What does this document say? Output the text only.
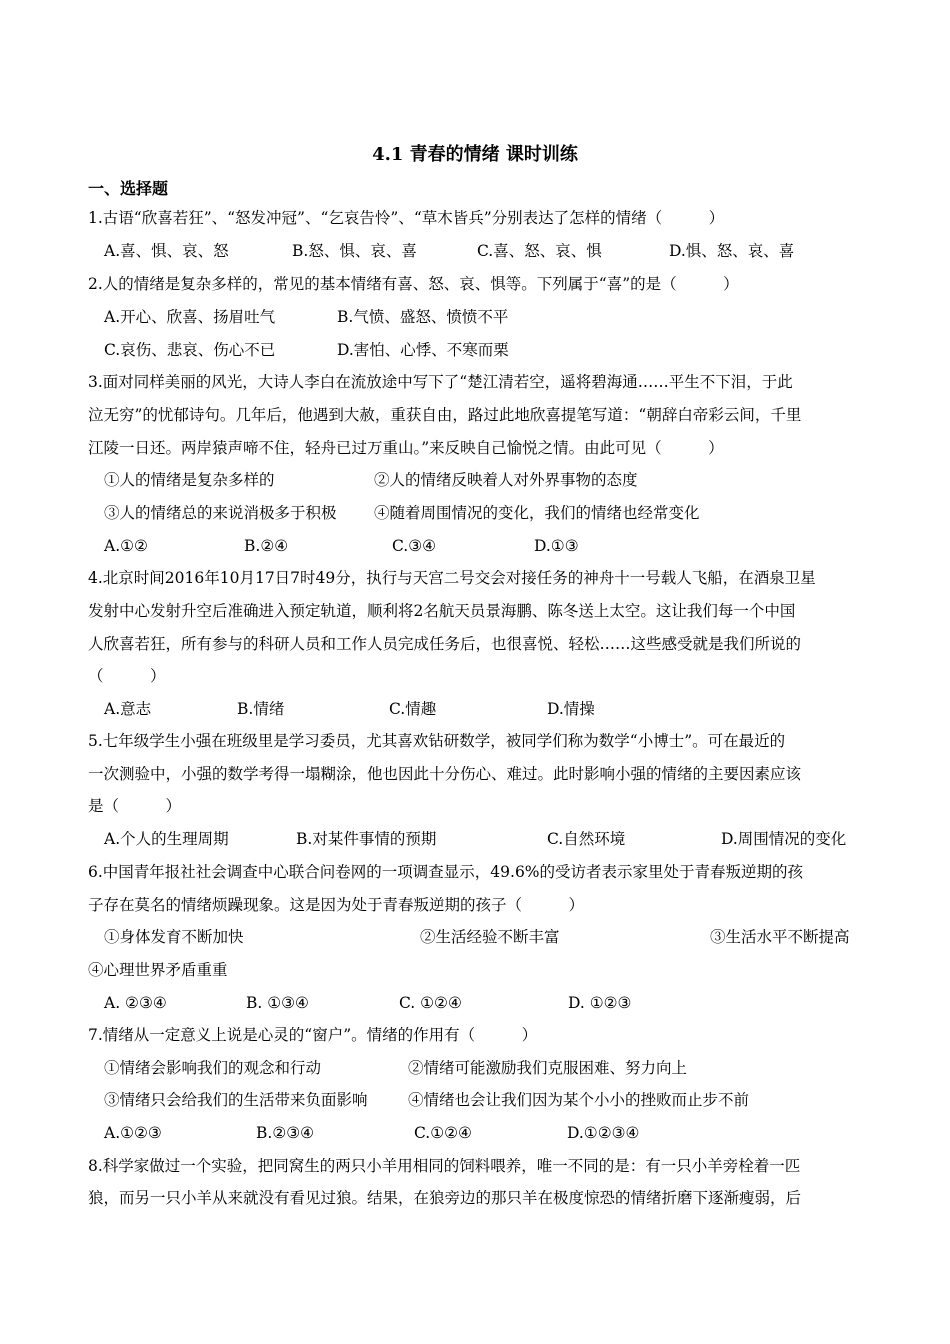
4.1 青春的情绪 课时训练
一、选择题
1.古语“欣喜若狂”、“怒发冲冠”、“乞哀告怜”、“草木皆兵”分别表达了怎样的情绪（　　　）
A.喜、惧、哀、怒	B.怒、惧、哀、喜	C.喜、怒、哀、惧	D.惧、怒、哀、喜
2.人的情绪是复杂多样的，常见的基本情绪有喜、怒、哀、惧等。下列属于“喜”的是（　　　）
A.开心、欣喜、扬眉吐气	B.气愤、盛怒、愤愤不平
C.哀伤、悲哀、伤心不已	D.害怕、心悸、不寒而栗
3.面对同样美丽的风光，大诗人李白在流放途中写下了“楚江清若空，遥将碧海通……平生不下泪，于此
泣无穷”的忧郁诗句。几年后，他遇到大赦，重获自由，路过此地欣喜提笔写道：“朝辞白帝彩云间，千里
江陵一日还。两岸猿声啼不住，轻舟已过万重山。”来反映自己愉悦之情。由此可见（　　　）
①人的情绪是复杂多样的	②人的情绪反映着人对外界事物的态度
③人的情绪总的来说消极多于积极 ④随着周围情况的变化，我们的情绪也经常变化
A.①②	B.②④	C.③④	D.①③
4.北京时间2016年10月17日7时49分，执行与天宫二号交会对接任务的神舟十一号载人飞船，在酒泉卫星
发射中心发射升空后准确进入预定轨道，顺利将2名航天员景海鹏、陈冬送上太空。这让我们每一个中国
人欣喜若狂，所有参与的科研人员和工作人员完成任务后，也很喜悦、轻松……这些感受就是我们所说的
（　　　）
A.意志	B.情绪	C.情趣	D.情操
5.七年级学生小强在班级里是学习委员，尤其喜欢钻研数学，被同学们称为数学“小博士”。可在最近的
一次测验中，小强的数学考得一塌糊涂，他也因此十分伤心、难过。此时影响小强的情绪的主要因素应该
是（　　　）
A.个人的生理周期	B.对某件事情的预期	C.自然环境	D.周围情况的变化
6.中国青年报社社会调查中心联合问卷网的一项调查显示，49.6%的受访者表示家里处于青春叛逆期的孩
子存在莫名的情绪烦躁现象。这是因为处于青春叛逆期的孩子（　　　）
①身体发育不断加快	②生活经验不断丰富	③生活水平不断提高
④心理世界矛盾重重
A. ②③④	B. ①③④	C. ①②④	D. ①②③
7.情绪从一定意义上说是心灵的“窗户”。情绪的作用有（　　　）
①情绪会影响我们的观念和行动	②情绪可能激励我们克服困难、努力向上
③情绪只会给我们的生活带来负面影响	④情绪也会让我们因为某个小小的挫败而止步不前
A.①②③	B.②③④	C.①②④	D.①②③④
8.科学家做过一个实验，把同窝生的两只小羊用相同的饲料喂养，唯一不同的是：有一只小羊旁栓着一匹
狼，而另一只小羊从来就没有看见过狼。结果，在狼旁边的那只羊在极度惊恐的情绪折磨下逐渐瘦弱，后
